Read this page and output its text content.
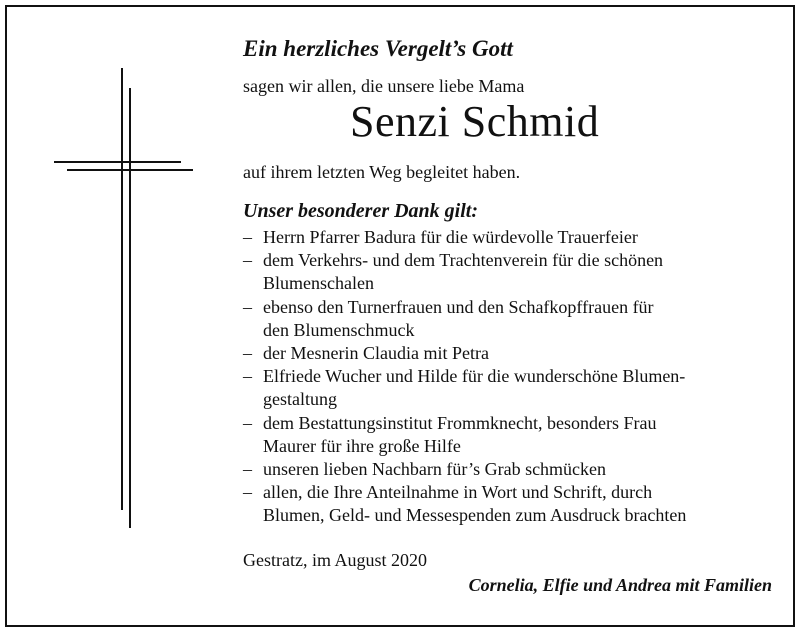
Ein herzliches Vergelt’s Gott
sagen wir allen, die unsere liebe Mama
Senzi Schmid
auf ihrem letzten Weg begleitet haben.
Unser besonderer Dank gilt:
– Herrn Pfarrer Badura für die würdevolle Trauerfeier
– dem Verkehrs- und dem Trachtenverein für die schönen
Blumenschalen
– ebenso den Turnerfrauen und den Schafkopffrauen für
den Blumenschmuck
– der Mesnerin Claudia mit Petra
– Elfriede Wucher und Hilde für die wunderschöne Blumen-
gestaltung
– dem Bestattungsinstitut Frommknecht, besonders Frau
Maurer für ihre große Hilfe
– unseren lieben Nachbarn für’s Grab schmücken
– allen, die Ihre Anteilnahme in Wort und Schrift, durch
Blumen, Geld- und Messespenden zum Ausdruck brachten
Gestratz, im August 2020
Cornelia, Elfie und Andrea mit Familien
